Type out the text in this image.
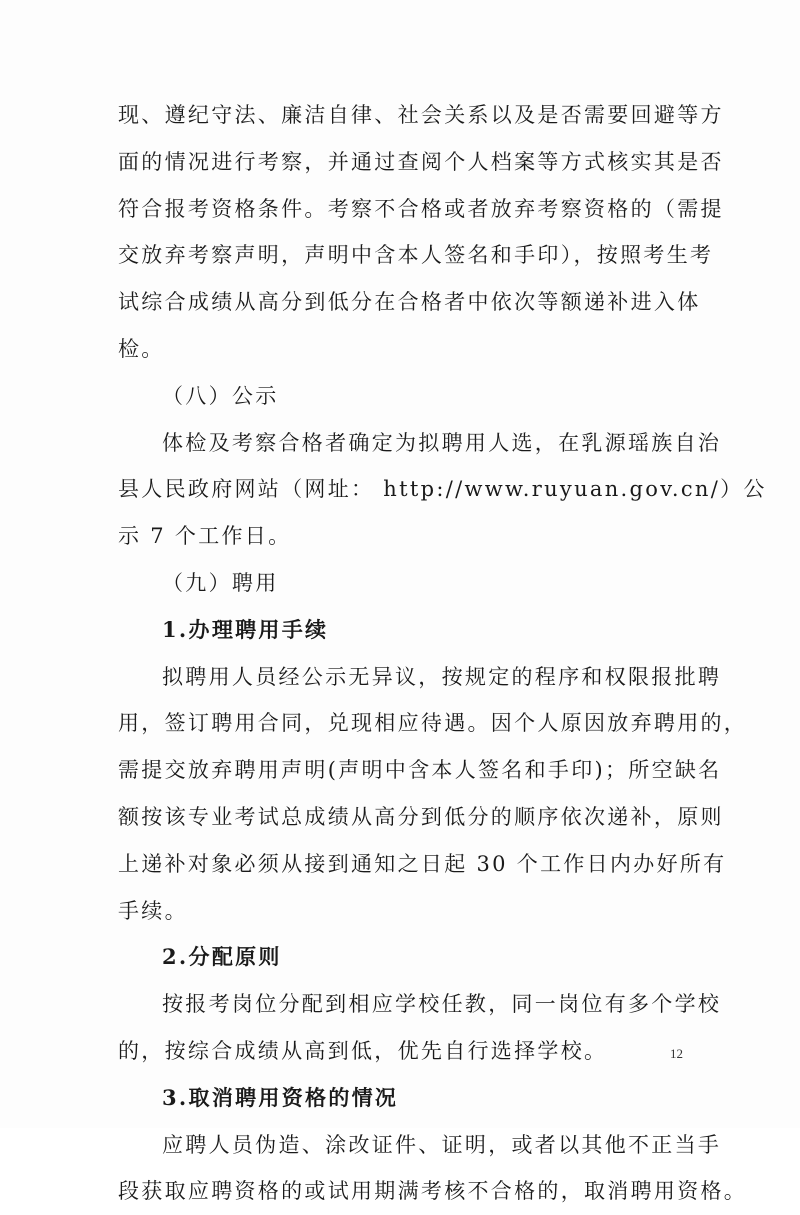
现、遵纪守法、廉洁自律、社会关系以及是否需要回避等方
面的情况进行考察，并通过查阅个人档案等方式核实其是否
符合报考资格条件。考察不合格或者放弃考察资格的（需提
交放弃考察声明，声明中含本人签名和手印），按照考生考
试综合成绩从高分到低分在合格者中依次等额递补进入体
检。
（八）公示
体检及考察合格者确定为拟聘用人选，在乳源瑶族自治
县人民政府网站（网址： http://www.ruyuan.gov.cn/）公
示 7 个工作日。
（九）聘用
1.办理聘用手续
拟聘用人员经公示无异议，按规定的程序和权限报批聘
用，签订聘用合同，兑现相应待遇。因个人原因放弃聘用的，
需提交放弃聘用声明(声明中含本人签名和手印)；所空缺名
额按该专业考试总成绩从高分到低分的顺序依次递补，原则
上递补对象必须从接到通知之日起 30 个工作日内办好所有
手续。
2.分配原则
按报考岗位分配到相应学校任教，同一岗位有多个学校
的，按综合成绩从高到低，优先自行选择学校。
3.取消聘用资格的情况
应聘人员伪造、涂改证件、证明，或者以其他不正当手
段获取应聘资格的或试用期满考核不合格的，取消聘用资格。
12
